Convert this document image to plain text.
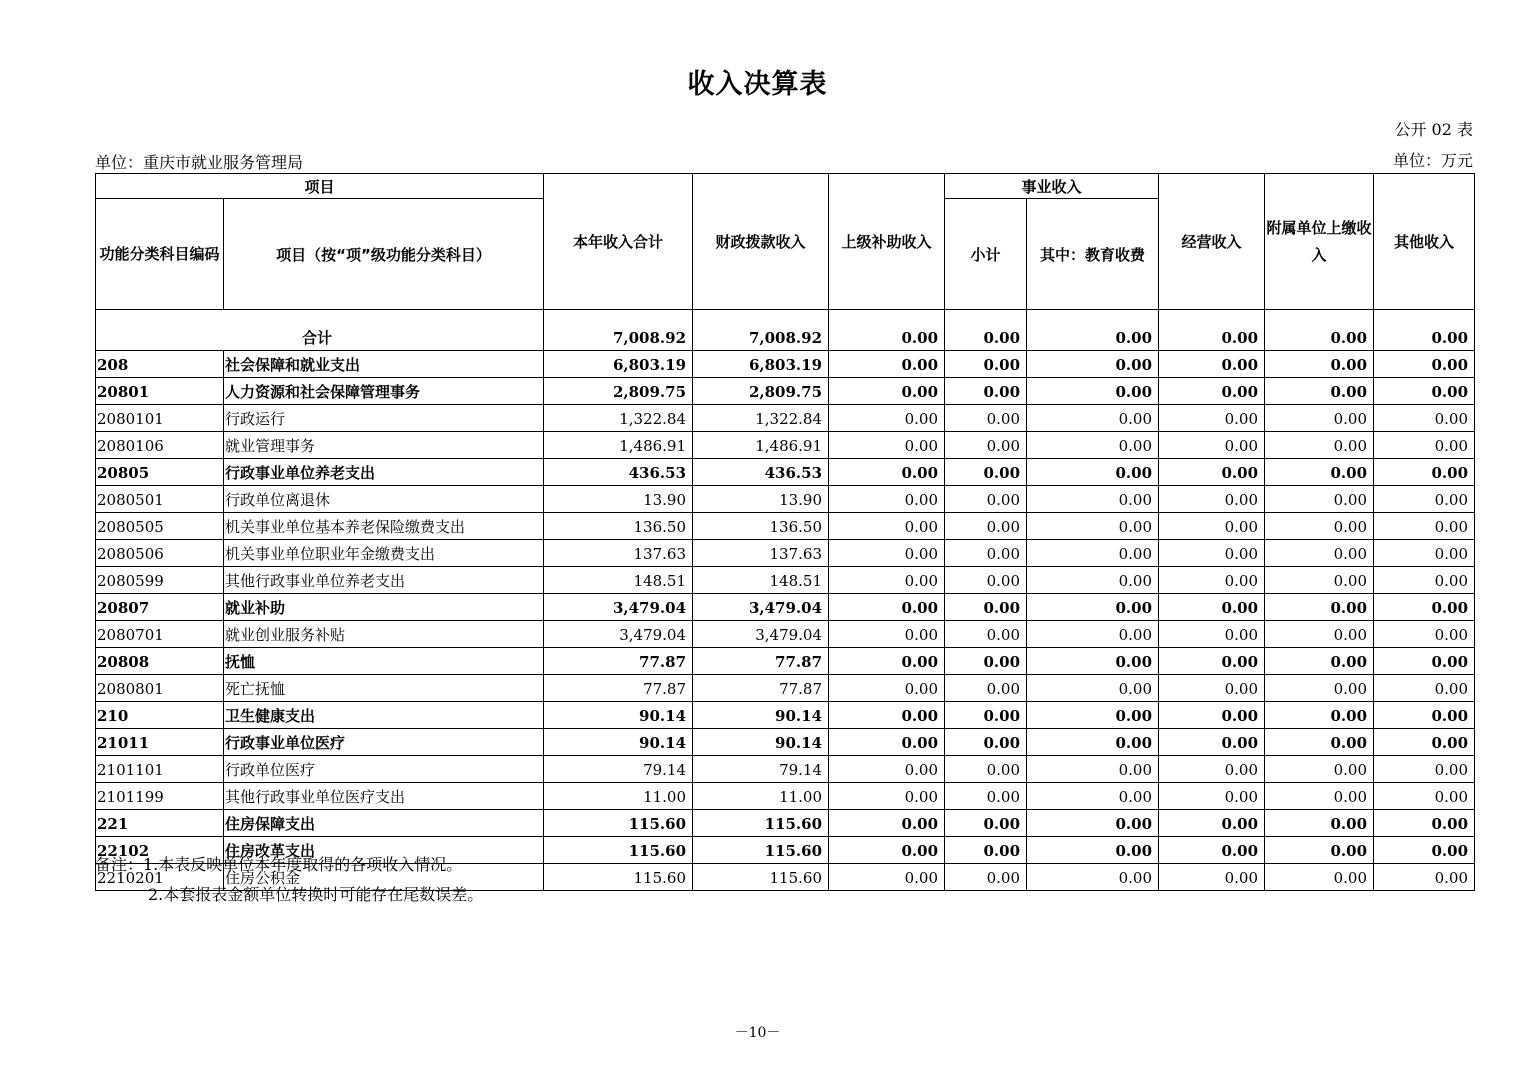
收入决算表
公开 02 表
单位：重庆市就业服务管理局	单位：万元
项目		本年收入合计	财政拨款收入	上级补助收入	事业收入		经营收入	附属单位上缴收入	其他收入
功能分类科目编码	项目（按“项”级功能分类科目）				小计	其中：教育收费			

合计		7,008.92	7,008.92	0.00	0.00	0.00	0.00	0.00	0.00
208	社会保障和就业支出	6,803.19	6,803.19	0.00	0.00	0.00	0.00	0.00	0.00
20801	人力资源和社会保障管理事务	2,809.75	2,809.75	0.00	0.00	0.00	0.00	0.00	0.00
2080101	行政运行	1,322.84	1,322.84	0.00	0.00	0.00	0.00	0.00	0.00
2080106	就业管理事务	1,486.91	1,486.91	0.00	0.00	0.00	0.00	0.00	0.00
20805	行政事业单位养老支出	436.53	436.53	0.00	0.00	0.00	0.00	0.00	0.00
2080501	行政单位离退休	13.90	13.90	0.00	0.00	0.00	0.00	0.00	0.00
2080505	机关事业单位基本养老保险缴费支出	136.50	136.50	0.00	0.00	0.00	0.00	0.00	0.00
2080506	机关事业单位职业年金缴费支出	137.63	137.63	0.00	0.00	0.00	0.00	0.00	0.00
2080599	其他行政事业单位养老支出	148.51	148.51	0.00	0.00	0.00	0.00	0.00	0.00
20807	就业补助	3,479.04	3,479.04	0.00	0.00	0.00	0.00	0.00	0.00
2080701	就业创业服务补贴	3,479.04	3,479.04	0.00	0.00	0.00	0.00	0.00	0.00
20808	抚恤	77.87	77.87	0.00	0.00	0.00	0.00	0.00	0.00
2080801	死亡抚恤	77.87	77.87	0.00	0.00	0.00	0.00	0.00	0.00
210	卫生健康支出	90.14	90.14	0.00	0.00	0.00	0.00	0.00	0.00
21011	行政事业单位医疗	90.14	90.14	0.00	0.00	0.00	0.00	0.00	0.00
2101101	行政单位医疗	79.14	79.14	0.00	0.00	0.00	0.00	0.00	0.00
2101199	其他行政事业单位医疗支出	11.00	11.00	0.00	0.00	0.00	0.00	0.00	0.00
221	住房保障支出	115.60	115.60	0.00	0.00	0.00	0.00	0.00	0.00
22102	住房改革支出	115.60	115.60	0.00	0.00	0.00	0.00	0.00	0.00
2210201	住房公积金	115.60	115.60	0.00	0.00	0.00	0.00	0.00	0.00
备注：1.本表反映单位本年度取得的各项收入情况。
2.本套报表金额单位转换时可能存在尾数误差。
－10－
